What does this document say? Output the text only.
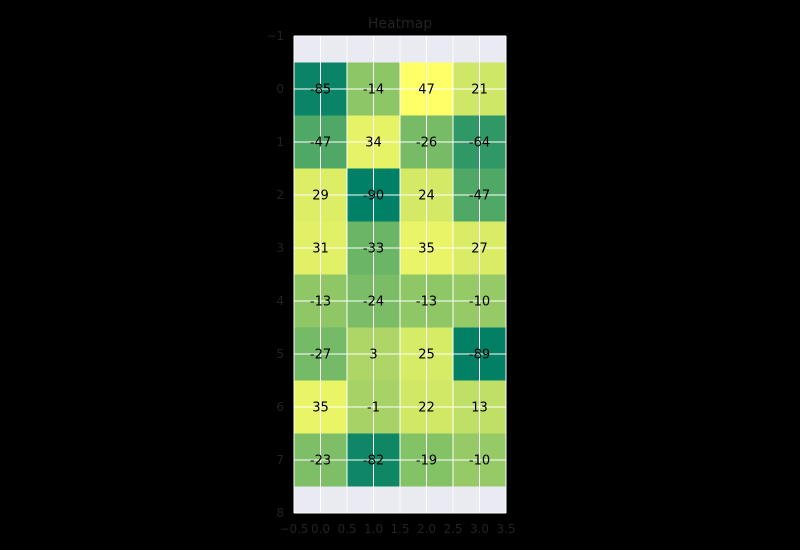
Heatmap
-85 -14	47	21
-47	34	-26 -64
29	-90	24	-47
31	-33	35	27
-13 -24 -13 -10
-27	3	25	-89
35	-1	22	13
-23 -82 -19 -10
−0.5 0.0 0.5 1.0 1.5 2.0 2.5 3.0 3.5
−1
0
1
2
3
4
5
6
7
8
